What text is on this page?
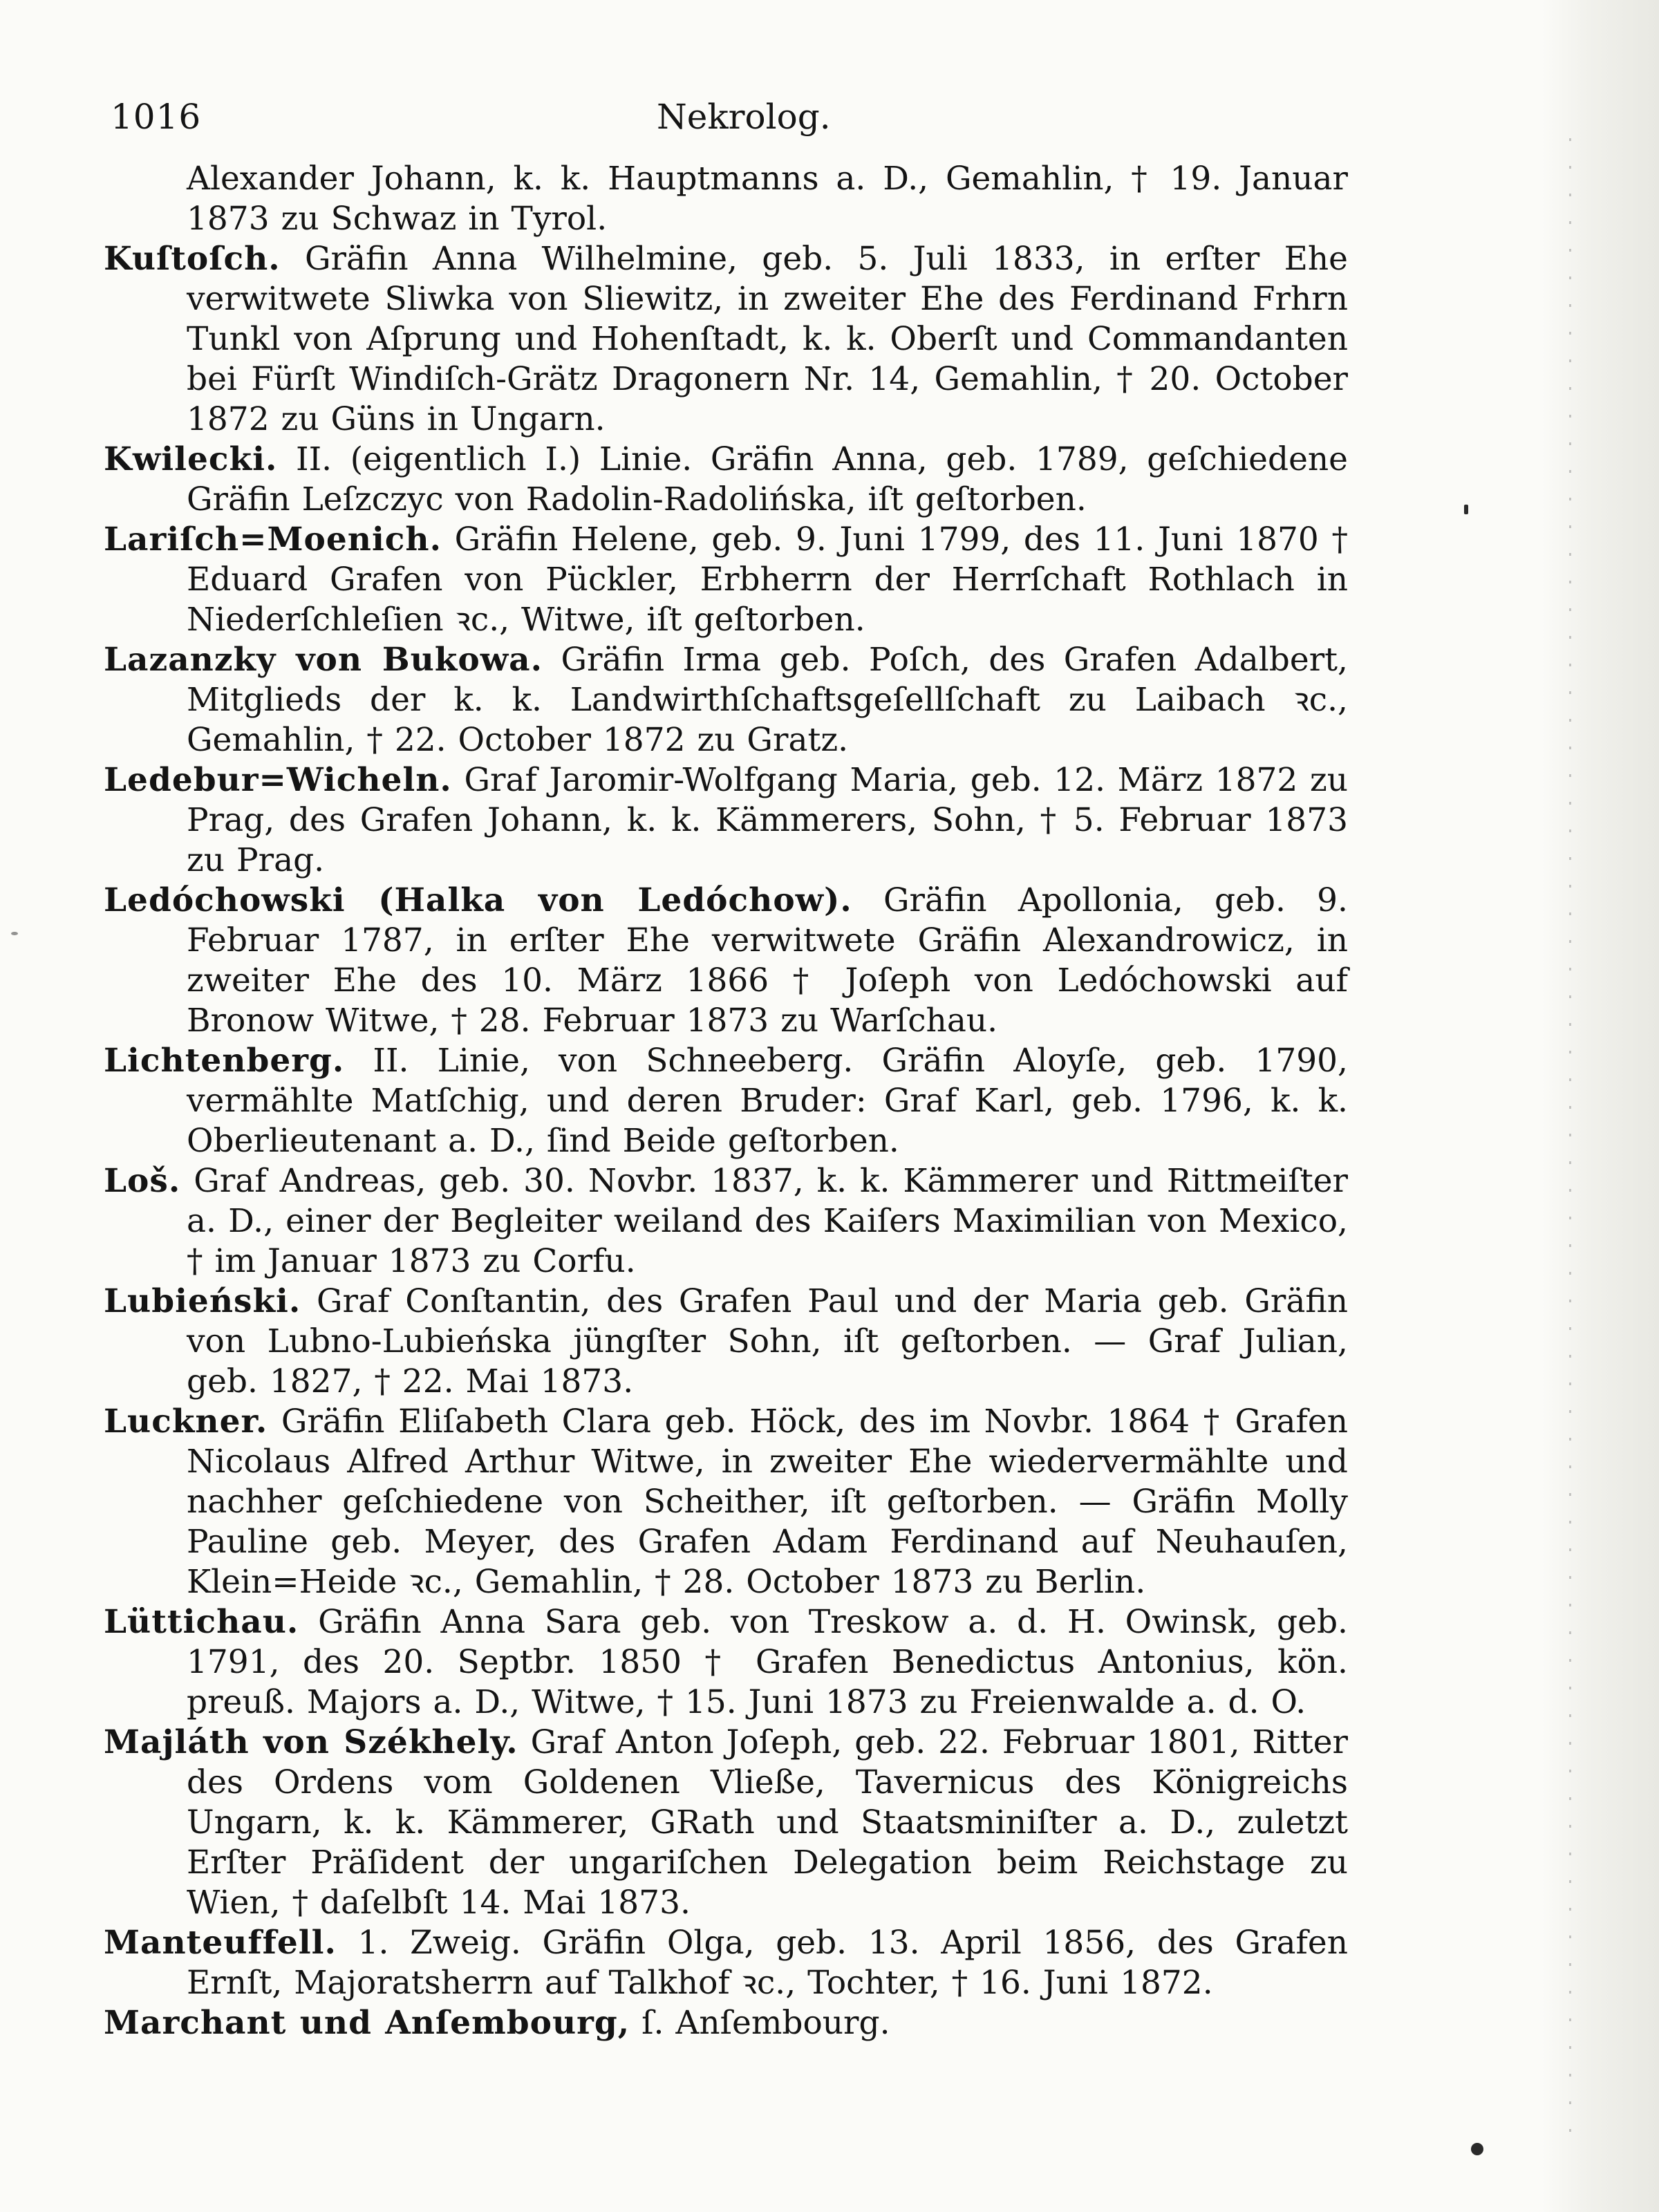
1016	Nekrolog.

Alexander Johann, k. k. Hauptmanns a. D., Gemahlin, † 19. Januar 1873 zu Schwaz in Tyrol.

Kuſtoſch. Gräfin Anna Wilhelmine, geb. 5. Juli 1833, in erſter Ehe verwitwete Sliwka von Sliewitz, in zweiter Ehe des Ferdinand Frhrn Tunkl von Aſprung und Hohenſtadt, k. k. Oberſt und Commandanten bei Fürſt Windiſch-Grätz Dragonern Nr. 14, Gemahlin, † 20. October 1872 zu Güns in Ungarn.

Kwilecki. II. (eigentlich I.) Linie. Gräfin Anna, geb. 1789, geſchiedene Gräfin Leſzczyc von Radolin-Radolińska, iſt geſtorben.

Lariſch=Moenich. Gräfin Helene, geb. 9. Juni 1799, des 11. Juni 1870 † Eduard Grafen von Pückler, Erbherrn der Herrſchaft Rothlach in Niederſchleſien ꝛc., Witwe, iſt geſtorben.

Lazanzky von Bukowa. Gräfin Irma geb. Poſch, des Grafen Adalbert, Mitglieds der k. k. Landwirthſchaftsgeſellſchaft zu Laibach ꝛc., Gemahlin, † 22. October 1872 zu Gratz.

Ledebur=Wicheln. Graf Jaromir-Wolfgang Maria, geb. 12. März 1872 zu Prag, des Grafen Johann, k. k. Kämmerers, Sohn, † 5. Februar 1873 zu Prag.

Ledóchowski (Halka von Ledóchow). Gräfin Apollonia, geb. 9. Februar 1787, in erſter Ehe verwitwete Gräfin Alexandrowicz, in zweiter Ehe des 10. März 1866 † Joſeph von Ledóchowski auf Bronow Witwe, † 28. Februar 1873 zu Warſchau.

Lichtenberg. II. Linie, von Schneeberg. Gräfin Aloyſe, geb. 1790, vermählte Matſchig, und deren Bruder: Graf Karl, geb. 1796, k. k. Oberlieutenant a. D., ſind Beide geſtorben.

Loš. Graf Andreas, geb. 30. Novbr. 1837, k. k. Kämmerer und Rittmeiſter a. D., einer der Begleiter weiland des Kaiſers Maximilian von Mexico, † im Januar 1873 zu Corfu.

Lubieński. Graf Conſtantin, des Grafen Paul und der Maria geb. Gräfin von Lubno-Lubieńska jüngſter Sohn, iſt geſtorben. — Graf Julian, geb. 1827, † 22. Mai 1873.

Luckner. Gräfin Eliſabeth Clara geb. Höck, des im Novbr. 1864 † Grafen Nicolaus Alfred Arthur Witwe, in zweiter Ehe wiedervermählte und nachher geſchiedene von Scheither, iſt geſtorben. — Gräfin Molly Pauline geb. Meyer, des Grafen Adam Ferdinand auf Neuhauſen, Klein=Heide ꝛc., Gemahlin, † 28. October 1873 zu Berlin.

Lüttichau. Gräfin Anna Sara geb. von Treskow a. d. H. Owinsk, geb. 1791, des 20. Septbr. 1850 † Grafen Benedictus Antonius, kön. preuß. Majors a. D., Witwe, † 15. Juni 1873 zu Freienwalde a. d. O.

Majláth von Székhely. Graf Anton Joſeph, geb. 22. Februar 1801, Ritter des Ordens vom Goldenen Vließe, Tavernicus des Königreichs Ungarn, k. k. Kämmerer, GRath und Staatsminiſter a. D., zuletzt Erſter Präſident der ungariſchen Delegation beim Reichstage zu Wien, † daſelbſt 14. Mai 1873.

Manteuffell. 1. Zweig. Gräfin Olga, geb. 13. April 1856, des Grafen Ernſt, Majoratsherrn auf Talkhof ꝛc., Tochter, † 16. Juni 1872.

Marchant und Anſembourg, ſ. Anſembourg.
